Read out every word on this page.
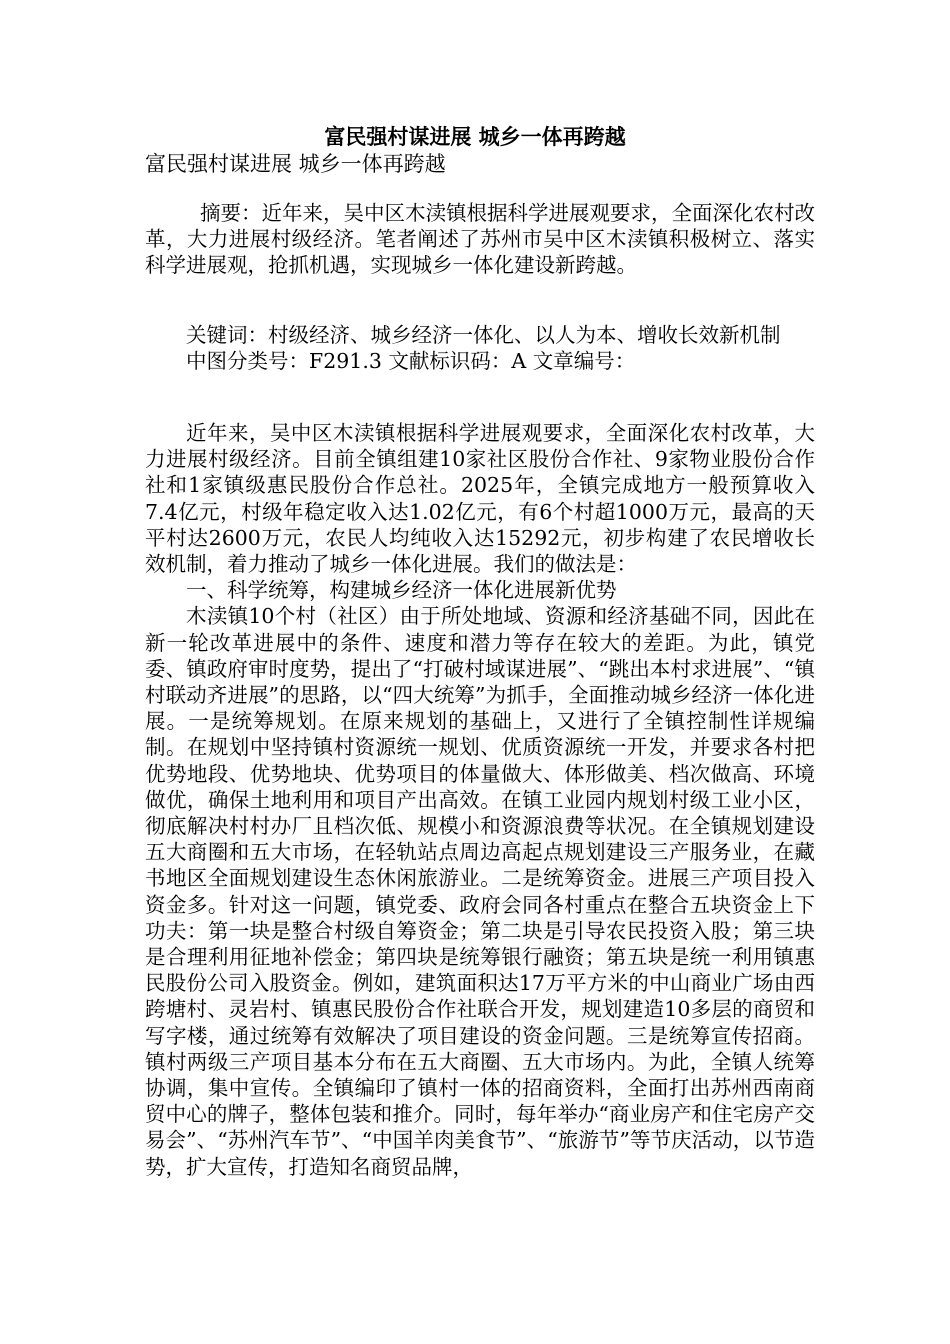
富民强村谋进展 城乡一体再跨越
富民强村谋进展 城乡一体再跨越

摘要：近年来，吴中区木渎镇根据科学进展观要求，全面深化农村改革，大力进展村级经济。笔者阐述了苏州市吴中区木渎镇积极树立、落实科学进展观，抢抓机遇，实现城乡一体化建设新跨越。

关键词：村级经济、城乡经济一体化、以人为本、增收长效新机制

中图分类号：F291.3 文献标识码：A 文章编号：

近年来，吴中区木渎镇根据科学进展观要求，全面深化农村改革，大力进展村级经济。目前全镇组建10家社区股份合作社、9家物业股份合作社和1家镇级惠民股份合作总社。2025年，全镇完成地方一般预算收入7.4亿元，村级年稳定收入达1.02亿元，有6个村超1000万元，最高的天平村达2600万元，农民人均纯收入达15292元，初步构建了农民增收长效机制，着力推动了城乡一体化进展。我们的做法是：

一、科学统筹，构建城乡经济一体化进展新优势

木渎镇10个村（社区）由于所处地域、资源和经济基础不同，因此在新一轮改革进展中的条件、速度和潜力等存在较大的差距。为此，镇党委、镇政府审时度势，提出了“打破村域谋进展”、“跳出本村求进展”、“镇村联动齐进展”的思路，以“四大统筹”为抓手，全面推动城乡经济一体化进展。一是统筹规划。在原来规划的基础上，又进行了全镇控制性详规编制。在规划中坚持镇村资源统一规划、优质资源统一开发，并要求各村把优势地段、优势地块、优势项目的体量做大、体形做美、档次做高、环境做优，确保土地利用和项目产出高效。在镇工业园内规划村级工业小区，彻底解决村村办厂且档次低、规模小和资源浪费等状况。在全镇规划建设五大商圈和五大市场，在轻轨站点周边高起点规划建设三产服务业，在藏书地区全面规划建设生态休闲旅游业。二是统筹资金。进展三产项目投入资金多。针对这一问题，镇党委、政府会同各村重点在整合五块资金上下功夫：第一块是整合村级自筹资金；第二块是引导农民投资入股；第三块是合理利用征地补偿金；第四块是统筹银行融资；第五块是统一利用镇惠民股份公司入股资金。例如，建筑面积达17万平方米的中山商业广场由西跨塘村、灵岩村、镇惠民股份合作社联合开发，规划建造10多层的商贸和写字楼，通过统筹有效解决了项目建设的资金问题。三是统筹宣传招商。镇村两级三产项目基本分布在五大商圈、五大市场内。为此，全镇人统筹协调，集中宣传。全镇编印了镇村一体的招商资料，全面打出苏州西南商贸中心的牌子，整体包装和推介。同时，每年举办“商业房产和住宅房产交易会”、“苏州汽车节”、“中国羊肉美食节”、“旅游节”等节庆活动，以节造势，扩大宣传，打造知名商贸品牌，
